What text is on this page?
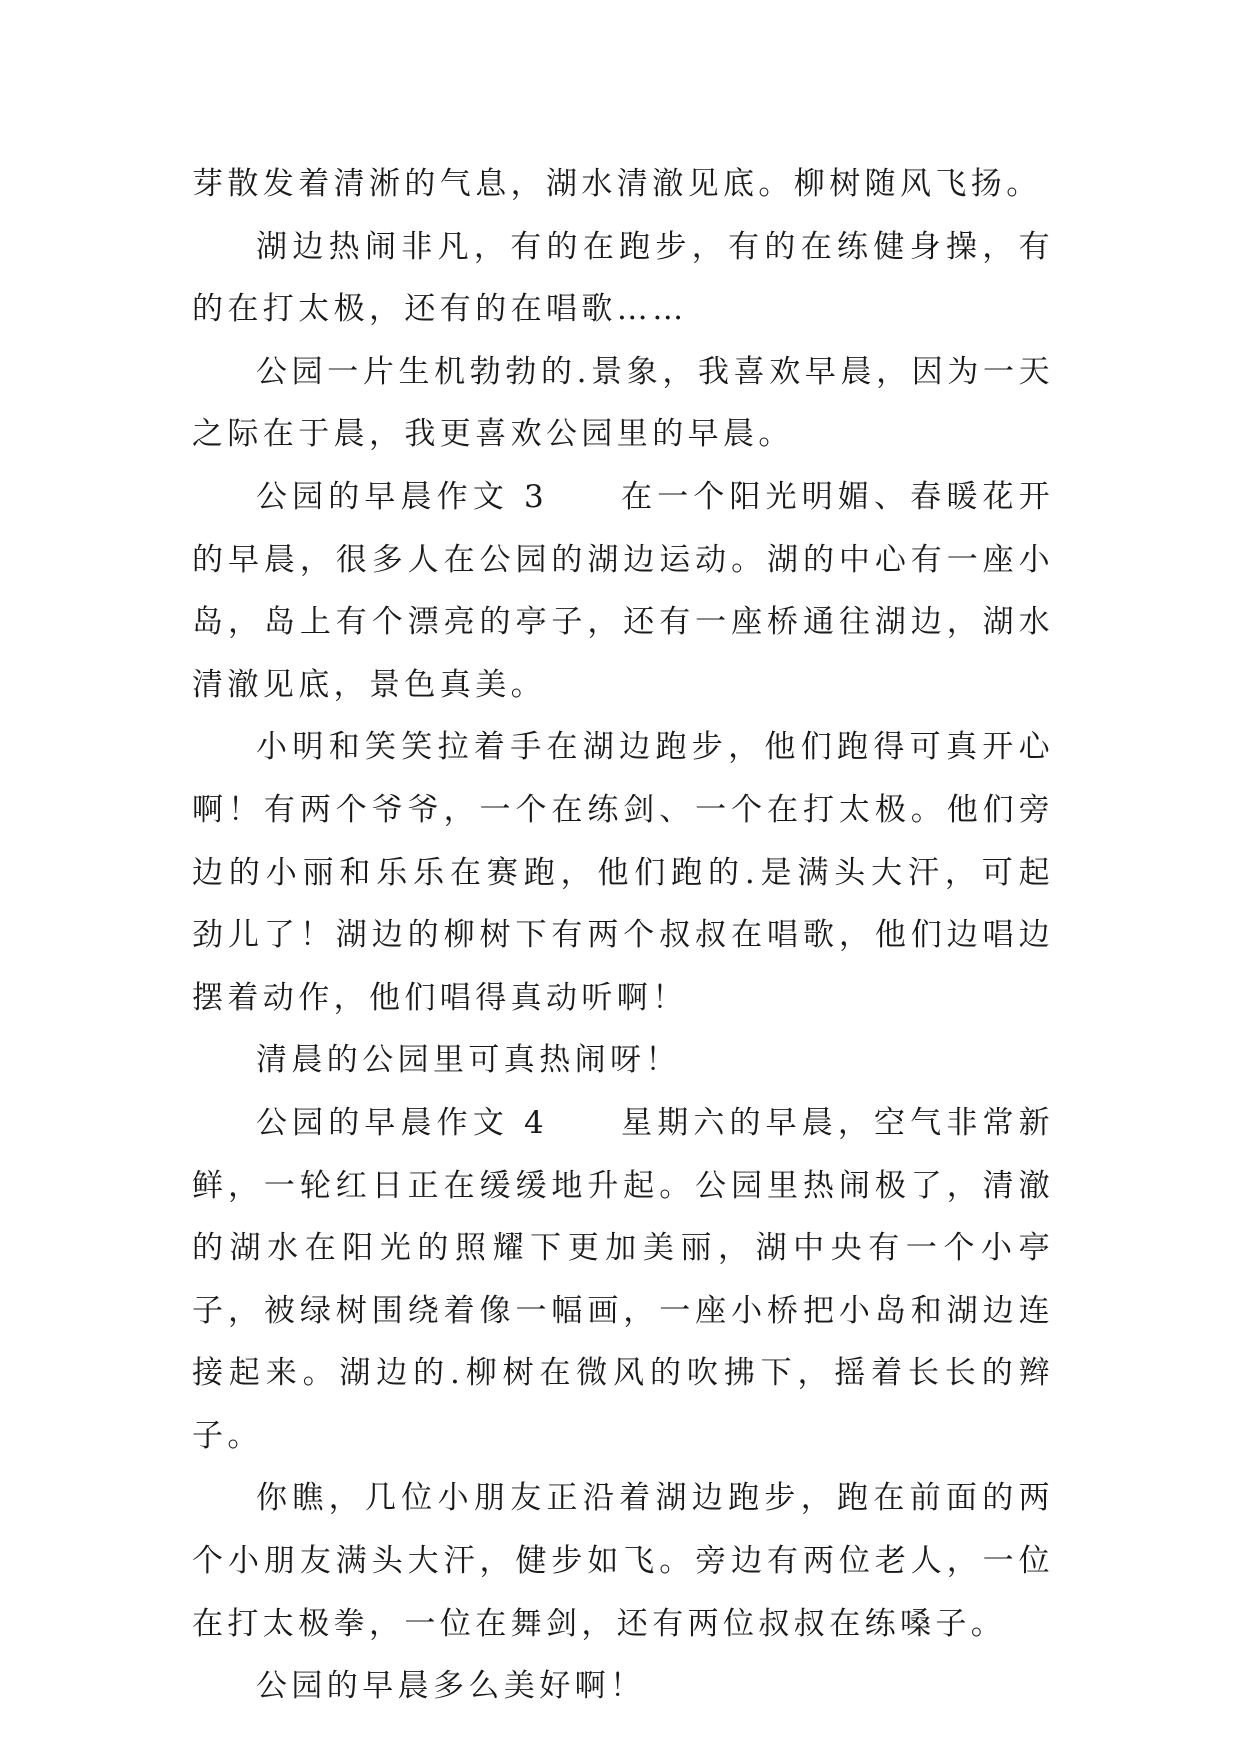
芽散发着清淅的气息，湖水清澈见底。柳树随风飞扬。

湖边热闹非凡，有的在跑步，有的在练健身操，有的在打太极，还有的在唱歌……

公园一片生机勃勃的.景象，我喜欢早晨，因为一天之际在于晨，我更喜欢公园里的早晨。

公园的早晨作文 3　　在一个阳光明媚、春暖花开的早晨，很多人在公园的湖边运动。湖的中心有一座小岛，岛上有个漂亮的亭子，还有一座桥通往湖边，湖水清澈见底，景色真美。

小明和笑笑拉着手在湖边跑步，他们跑得可真开心啊！有两个爷爷，一个在练剑、一个在打太极。他们旁边的小丽和乐乐在赛跑，他们跑的.是满头大汗，可起劲儿了！湖边的柳树下有两个叔叔在唱歌，他们边唱边摆着动作，他们唱得真动听啊！

清晨的公园里可真热闹呀！

公园的早晨作文 4　　星期六的早晨，空气非常新鲜，一轮红日正在缓缓地升起。公园里热闹极了，清澈的湖水在阳光的照耀下更加美丽，湖中央有一个小亭子，被绿树围绕着像一幅画，一座小桥把小岛和湖边连接起来。湖边的.柳树在微风的吹拂下，摇着长长的辫子。

你瞧，几位小朋友正沿着湖边跑步，跑在前面的两个小朋友满头大汗，健步如飞。旁边有两位老人，一位在打太极拳，一位在舞剑，还有两位叔叔在练嗓子。

公园的早晨多么美好啊！
